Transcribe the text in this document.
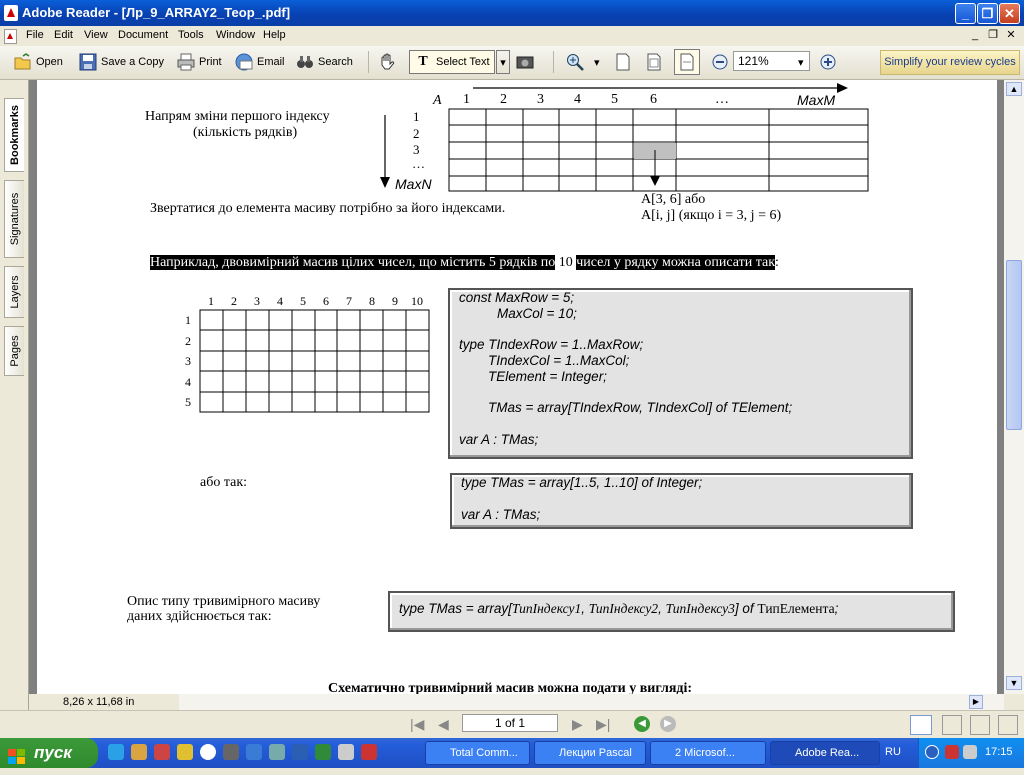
Adobe Reader - [Лр_9_ARRAY2_Теор_.pdf]	_ ❐ ✕
File Edit View Document Tools Window Help	_ ❐ ✕
Open	Save a Copy	Print	Email	Search	T Select Text ▾	▾	121%	▾	Simplify your review cycles
Bookmarks
Signatures
Layers
Pages
A 1 2 3 4 5 6	…	MaxM
1
2
3
…
MaxN
Напрям зміни першого індексу
(кількість рядків)
A[3, 6] або
A[i, j] (якщо i = 3, j = 6)
Звертатися до елемента масиву потрібно за його індексами.
Наприклад, двовимірний масив цілих чисел, що містить 5 рядків по 10 чисел у рядку можна описати так:
1 2 3 4 5 6 7 8 9 10
1
2
3
4
5
const MaxRow = 5;
MaxCol = 10;
type TIndexRow = 1..MaxRow;
TIndexCol = 1..MaxCol;
TElement = Integer;
TMas = array[TIndexRow, TIndexCol] of TElement;
var A : TMas;
або так:	type TMas = array[1..5, 1..10] of Integer;
var A : TMas;
Опис типу тривимірного масиву
даних здійснюється так:
type TMas = array[ТипІндексу1, ТипІндексу2, ТипІндексу3] of ТипЕлемента;
Схематично тривимірний масив можна подати у вигляді:
▲
▼
▶
8,26 x 11,68 in
|◀ ◀	▶ ▶|	◀	▶
1 of 1
пуск	Total Comm...	Лекции Pascal	2 Microsof...	Adobe Rea...	RU	17:15
